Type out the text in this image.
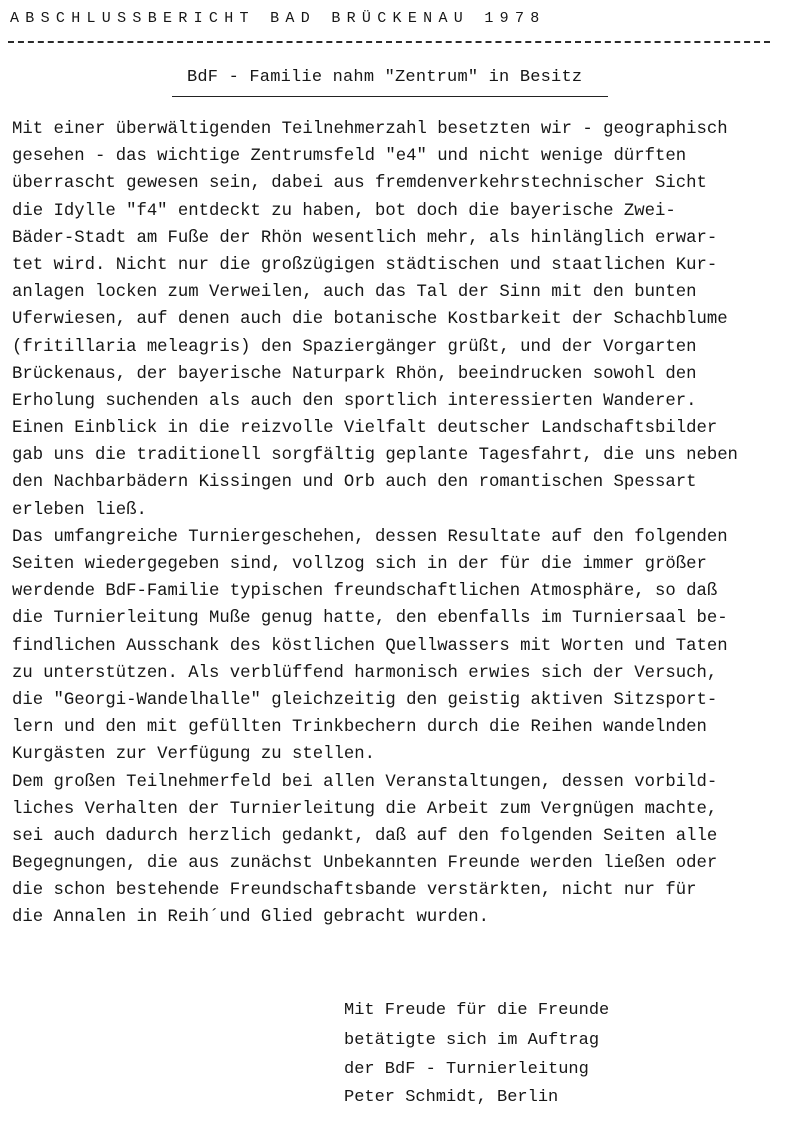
ABSCHLUSSBERICHT BAD BRÜCKENAU 1978
BdF - Familie nahm "Zentrum" in Besitz
Mit einer überwältigenden Teilnehmerzahl besetzten wir - geographisch
gesehen - das wichtige Zentrumsfeld "e4" und nicht wenige dürften
überrascht gewesen sein, dabei aus fremdenverkehrstechnischer Sicht
die Idylle "f4" entdeckt zu haben, bot doch die bayerische Zwei-
Bäder-Stadt am Fuße der Rhön wesentlich mehr, als hinlänglich erwar-
tet wird. Nicht nur die großzügigen städtischen und staatlichen Kur-
anlagen locken zum Verweilen, auch das Tal der Sinn mit den bunten
Uferwiesen, auf denen auch die botanische Kostbarkeit der Schachblume
(fritillaria meleagris) den Spaziergänger grüßt, und der Vorgarten
Brückenaus, der bayerische Naturpark Rhön, beeindrucken sowohl den
Erholung suchenden als auch den sportlich interessierten Wanderer.
Einen Einblick in die reizvolle Vielfalt deutscher Landschaftsbilder
gab uns die traditionell sorgfältig geplante Tagesfahrt, die uns neben
den Nachbarbädern Kissingen und Orb auch den romantischen Spessart
erleben ließ.
Das umfangreiche Turniergeschehen, dessen Resultate auf den folgenden
Seiten wiedergegeben sind, vollzog sich in der für die immer größer
werdende BdF-Familie typischen freundschaftlichen Atmosphäre, so daß
die Turnierleitung Muße genug hatte, den ebenfalls im Turniersaal be-
findlichen Ausschank des köstlichen Quellwassers mit Worten und Taten
zu unterstützen. Als verblüffend harmonisch erwies sich der Versuch,
die "Georgi-Wandelhalle" gleichzeitig den geistig aktiven Sitzsport-
lern und den mit gefüllten Trinkbechern durch die Reihen wandelnden
Kurgästen zur Verfügung zu stellen.
Dem großen Teilnehmerfeld bei allen Veranstaltungen, dessen vorbild-
liches Verhalten der Turnierleitung die Arbeit zum Vergnügen machte,
sei auch dadurch herzlich gedankt, daß auf den folgenden Seiten alle
Begegnungen, die aus zunächst Unbekannten Freunde werden ließen oder
die schon bestehende Freundschaftsbande verstärkten, nicht nur für
die Annalen in Reih´und Glied gebracht wurden.
Mit Freude für die Freunde
betätigte sich im Auftrag
der BdF - Turnierleitung
Peter Schmidt, Berlin
